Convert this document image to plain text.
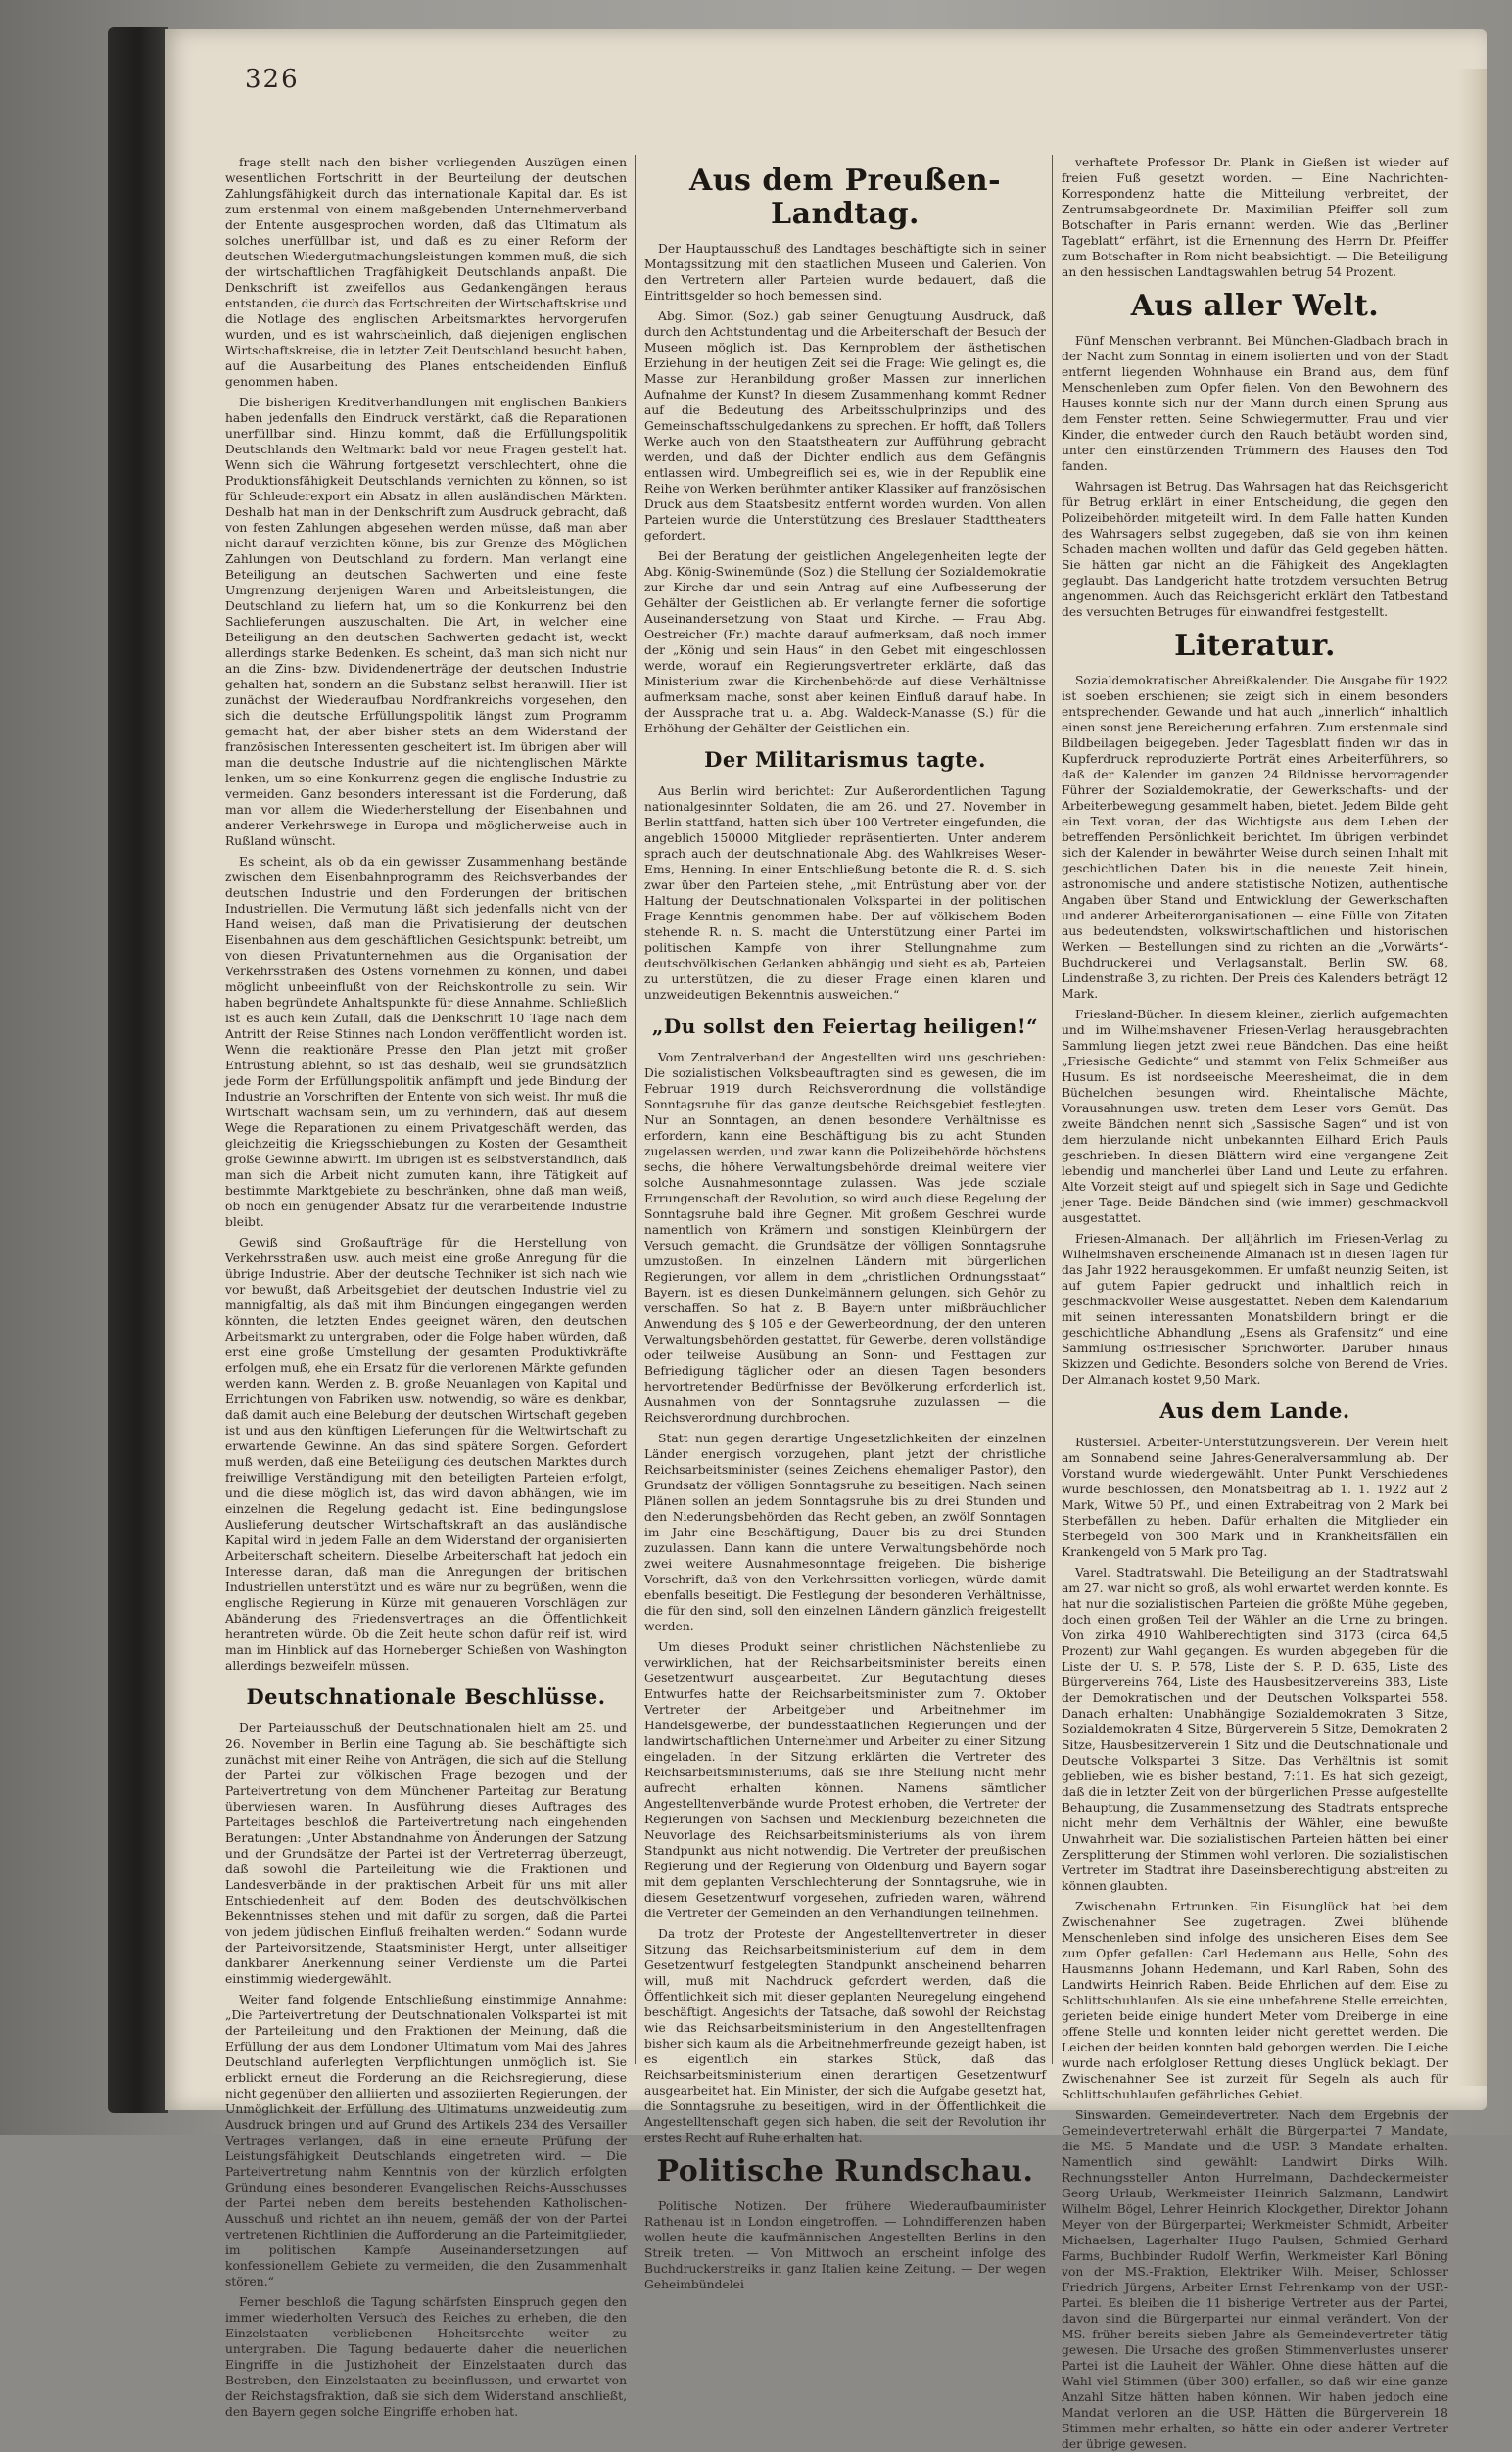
326

frage stellt nach den bisher vorliegenden Auszügen einen wesentlichen Fortschritt in der Beurteilung der deutschen Zahlungsfähigkeit durch das internationale Kapital dar. Es ist zum erstenmal von einem maßgebenden Unternehmerverband der Entente ausgesprochen worden, daß das Ultimatum als solches unerfüllbar ist, und daß es zu einer Reform der deutschen Wiedergutmachungsleistungen kommen muß, die sich der wirtschaftlichen Tragfähigkeit Deutschlands anpaßt. Die Denkschrift ist zweifellos aus Gedankengängen heraus entstanden, die durch das Fortschreiten der Wirtschaftskrise und die Notlage des englischen Arbeitsmarktes hervorgerufen wurden, und es ist wahrscheinlich, daß diejenigen englischen Wirtschaftskreise, die in letzter Zeit Deutschland besucht haben, auf die Ausarbeitung des Planes entscheidenden Einfluß genommen haben.

Die bisherigen Kreditverhandlungen mit englischen Bankiers haben jedenfalls den Eindruck verstärkt, daß die Reparationen unerfüllbar sind. Hinzu kommt, daß die Erfüllungspolitik Deutschlands den Weltmarkt bald vor neue Fragen gestellt hat. Wenn sich die Währung fortgesetzt verschlechtert, ohne die Produktionsfähigkeit Deutschlands vernichten zu können, so ist für Schleuderexport ein Absatz in allen ausländischen Märkten. Deshalb hat man in der Denkschrift zum Ausdruck gebracht, daß von festen Zahlungen abgesehen werden müsse, daß man aber nicht darauf verzichten könne, bis zur Grenze des Möglichen Zahlungen von Deutschland zu fordern. Man verlangt eine Beteiligung an deutschen Sachwerten und eine feste Umgrenzung derjenigen Waren und Arbeitsleistungen, die Deutschland zu liefern hat, um so die Konkurrenz bei den Sachlieferungen auszuschalten. Die Art, in welcher eine Beteiligung an den deutschen Sachwerten gedacht ist, weckt allerdings starke Bedenken. Es scheint, daß man sich nicht nur an die Zins- bzw. Dividendenerträge der deutschen Industrie gehalten hat, sondern an die Substanz selbst heranwill. Hier ist zunächst der Wiederaufbau Nordfrankreichs vorgesehen, den sich die deutsche Erfüllungspolitik längst zum Programm gemacht hat, der aber bisher stets an dem Widerstand der französischen Interessenten gescheitert ist. Im übrigen aber will man die deutsche Industrie auf die nichtenglischen Märkte lenken, um so eine Konkurrenz gegen die englische Industrie zu vermeiden. Ganz besonders interessant ist die Forderung, daß man vor allem die Wiederherstellung der Eisenbahnen und anderer Verkehrswege in Europa und möglicherweise auch in Rußland wünscht.

Es scheint, als ob da ein gewisser Zusammenhang bestände zwischen dem Eisenbahnprogramm des Reichsverbandes der deutschen Industrie und den Forderungen der britischen Industriellen. Die Vermutung läßt sich jedenfalls nicht von der Hand weisen, daß man die Privatisierung der deutschen Eisenbahnen aus dem geschäftlichen Gesichtspunkt betreibt, um von diesen Privatunternehmen aus die Organisation der Verkehrsstraßen des Ostens vornehmen zu können, und dabei möglicht unbeeinflußt von der Reichskontrolle zu sein. Wir haben begründete Anhaltspunkte für diese Annahme. Schließlich ist es auch kein Zufall, daß die Denkschrift 10 Tage nach dem Antritt der Reise Stinnes nach London veröffentlicht worden ist. Wenn die reaktionäre Presse den Plan jetzt mit großer Entrüstung ablehnt, so ist das deshalb, weil sie grundsätzlich jede Form der Erfüllungspolitik anfämpft und jede Bindung der Industrie an Vorschriften der Entente von sich weist. Ihr muß die Wirtschaft wachsam sein, um zu verhindern, daß auf diesem Wege die Reparationen zu einem Privatgeschäft werden, das gleichzeitig die Kriegsschiebungen zu Kosten der Gesamtheit große Gewinne abwirft. Im übrigen ist es selbstverständlich, daß man sich die Arbeit nicht zumuten kann, ihre Tätigkeit auf bestimmte Marktgebiete zu beschränken, ohne daß man weiß, ob noch ein genügender Absatz für die verarbeitende Industrie bleibt.

Gewiß sind Großaufträge für die Herstellung von Verkehrsstraßen usw. auch meist eine große Anregung für die übrige Industrie. Aber der deutsche Techniker ist sich nach wie vor bewußt, daß Arbeitsgebiet der deutschen Industrie viel zu mannigfaltig, als daß mit ihm Bindungen eingegangen werden könnten, die letzten Endes geeignet wären, den deutschen Arbeitsmarkt zu untergraben, oder die Folge haben würden, daß erst eine große Umstellung der gesamten Produktivkräfte erfolgen muß, ehe ein Ersatz für die verlorenen Märkte gefunden werden kann. Werden z. B. große Neuanlagen von Kapital und Errichtungen von Fabriken usw. notwendig, so wäre es denkbar, daß damit auch eine Belebung der deutschen Wirtschaft gegeben ist und aus den künftigen Lieferungen für die Weltwirtschaft zu erwartende Gewinne. An das sind spätere Sorgen. Gefordert muß werden, daß eine Beteiligung des deutschen Marktes durch freiwillige Verständigung mit den beteiligten Parteien erfolgt, und die diese möglich ist, das wird davon abhängen, wie im einzelnen die Regelung gedacht ist. Eine bedingungslose Auslieferung deutscher Wirtschaftskraft an das ausländische Kapital wird in jedem Falle an dem Widerstand der organisierten Arbeiterschaft scheitern. Dieselbe Arbeiterschaft hat jedoch ein Interesse daran, daß man die Anregungen der britischen Industriellen unterstützt und es wäre nur zu begrüßen, wenn die englische Regierung in Kürze mit genaueren Vorschlägen zur Abänderung des Friedensvertrages an die Öffentlichkeit herantreten würde. Ob die Zeit heute schon dafür reif ist, wird man im Hinblick auf das Horneberger Schießen von Washington allerdings bezweifeln müssen.

Deutschnationale Beschlüsse.

Der Parteiausschuß der Deutschnationalen hielt am 25. und 26. November in Berlin eine Tagung ab. Sie beschäftigte sich zunächst mit einer Reihe von Anträgen, die sich auf die Stellung der Partei zur völkischen Frage bezogen und der Parteivertretung von dem Münchener Parteitag zur Beratung überwiesen waren. In Ausführung dieses Auftrages des Parteitages beschloß die Parteivertretung nach eingehenden Beratungen: „Unter Abstandnahme von Änderungen der Satzung und der Grundsätze der Partei ist der Vertreterrag überzeugt, daß sowohl die Parteileitung wie die Fraktionen und Landesverbände in der praktischen Arbeit für uns mit aller Entschiedenheit auf dem Boden des deutschvölkischen Bekenntnisses stehen und mit dafür zu sorgen, daß die Partei von jedem jüdischen Einfluß freihalten werden.“ Sodann wurde der Parteivorsitzende, Staatsminister Hergt, unter allseitiger dankbarer Anerkennung seiner Verdienste um die Partei einstimmig wiedergewählt.

Weiter fand folgende Entschließung einstimmige Annahme: „Die Parteivertretung der Deutschnationalen Volkspartei ist mit der Parteileitung und den Fraktionen der Meinung, daß die Erfüllung der aus dem Londoner Ultimatum vom Mai des Jahres Deutschland auferlegten Verpflichtungen unmöglich ist. Sie erblickt erneut die Forderung an die Reichsregierung, diese nicht gegenüber den alliierten und assoziierten Regierungen, der Unmöglichkeit der Erfüllung des Ultimatums unzweideutig zum Ausdruck bringen und auf Grund des Artikels 234 des Versailler Vertrages verlangen, daß in eine erneute Prüfung der Leistungsfähigkeit Deutschlands eingetreten wird. — Die Parteivertretung nahm Kenntnis von der kürzlich erfolgten Gründung eines besonderen Evangelischen Reichs-Ausschusses der Partei neben dem bereits bestehenden Katholischen-Ausschuß und richtet an ihn neuem, gemäß der von der Partei vertretenen Richtlinien die Aufforderung an die Parteimitglieder, im politischen Kampfe Auseinandersetzungen auf konfessionellem Gebiete zu vermeiden, die den Zusammenhalt stören.“

Ferner beschloß die Tagung schärfsten Einspruch gegen den immer wiederholten Versuch des Reiches zu erheben, die den Einzelstaaten verbliebenen Hoheitsrechte weiter zu untergraben. Die Tagung bedauerte daher die neuerlichen Eingriffe in die Justizhoheit der Einzelstaaten durch das Bestreben, den Einzelstaaten zu beeinflussen, und erwartet von der Reichstagsfraktion, daß sie sich dem Widerstand anschließt, den Bayern gegen solche Eingriffe erhoben hat.

Aus dem Preußen-Landtag.

Der Hauptausschuß des Landtages beschäftigte sich in seiner Montagssitzung mit den staatlichen Museen und Galerien. Von den Vertretern aller Parteien wurde bedauert, daß die Eintrittsgelder so hoch bemessen sind.

Abg. Simon (Soz.) gab seiner Genugtuung Ausdruck, daß durch den Achtstundentag und die Arbeiterschaft der Besuch der Museen möglich ist. Das Kernproblem der ästhetischen Erziehung in der heutigen Zeit sei die Frage: Wie gelingt es, die Masse zur Heranbildung großer Massen zur innerlichen Aufnahme der Kunst? In diesem Zusammenhang kommt Redner auf die Bedeutung des Arbeitsschulprinzips und des Gemeinschaftsschulgedankens zu sprechen. Er hofft, daß Tollers Werke auch von den Staatstheatern zur Aufführung gebracht werden, und daß der Dichter endlich aus dem Gefängnis entlassen wird. Umbegreiflich sei es, wie in der Republik eine Reihe von Werken berühmter antiker Klassiker auf französischen Druck aus dem Staatsbesitz entfernt worden wurden. Von allen Parteien wurde die Unterstützung des Breslauer Stadttheaters gefordert.

Bei der Beratung der geistlichen Angelegenheiten legte der Abg. König-Swinemünde (Soz.) die Stellung der Sozialdemokratie zur Kirche dar und sein Antrag auf eine Aufbesserung der Gehälter der Geistlichen ab. Er verlangte ferner die sofortige Auseinandersetzung von Staat und Kirche. — Frau Abg. Oestreicher (Fr.) machte darauf aufmerksam, daß noch immer der „König und sein Haus“ in den Gebet mit eingeschlossen werde, worauf ein Regierungsvertreter erklärte, daß das Ministerium zwar die Kirchenbehörde auf diese Verhältnisse aufmerksam mache, sonst aber keinen Einfluß darauf habe. In der Aussprache trat u. a. Abg. Waldeck-Manasse (S.) für die Erhöhung der Gehälter der Geistlichen ein.

Der Militarismus tagte.

Aus Berlin wird berichtet: Zur Außerordentlichen Tagung nationalgesinnter Soldaten, die am 26. und 27. November in Berlin stattfand, hatten sich über 100 Vertreter eingefunden, die angeblich 150000 Mitglieder repräsentierten. Unter anderem sprach auch der deutschnationale Abg. des Wahlkreises Weser-Ems, Henning. In einer Entschließung betonte die R. d. S. sich zwar über den Parteien stehe, „mit Entrüstung aber von der Haltung der Deutschnationalen Volkspartei in der politischen Frage Kenntnis genommen habe. Der auf völkischem Boden stehende R. n. S. macht die Unterstützung einer Partei im politischen Kampfe von ihrer Stellungnahme zum deutschvölkischen Gedanken abhängig und sieht es ab, Parteien zu unterstützen, die zu dieser Frage einen klaren und unzweideutigen Bekenntnis ausweichen.“

„Du sollst den Feiertag heiligen!“

Vom Zentralverband der Angestellten wird uns geschrieben: Die sozialistischen Volksbeauftragten sind es gewesen, die im Februar 1919 durch Reichsverordnung die vollständige Sonntagsruhe für das ganze deutsche Reichsgebiet festlegten. Nur an Sonntagen, an denen besondere Verhältnisse es erfordern, kann eine Beschäftigung bis zu acht Stunden zugelassen werden, und zwar kann die Polizeibehörde höchstens sechs, die höhere Verwaltungsbehörde dreimal weitere vier solche Ausnahmesonntage zulassen. Was jede soziale Errungenschaft der Revolution, so wird auch diese Regelung der Sonntagsruhe bald ihre Gegner. Mit großem Geschrei wurde namentlich von Krämern und sonstigen Kleinbürgern der Versuch gemacht, die Grundsätze der völligen Sonntagsruhe umzustoßen. In einzelnen Ländern mit bürgerlichen Regierungen, vor allem in dem „christlichen Ordnungsstaat“ Bayern, ist es diesen Dunkelmännern gelungen, sich Gehör zu verschaffen. So hat z. B. Bayern unter mißbräuchlicher Anwendung des § 105 e der Gewerbeordnung, der den unteren Verwaltungsbehörden gestattet, für Gewerbe, deren vollständige oder teilweise Ausübung an Sonn- und Festtagen zur Befriedigung täglicher oder an diesen Tagen besonders hervortretender Bedürfnisse der Bevölkerung erforderlich ist, Ausnahmen von der Sonntagsruhe zuzulassen — die Reichsverordnung durchbrochen.

Statt nun gegen derartige Ungesetzlichkeiten der einzelnen Länder energisch vorzugehen, plant jetzt der christliche Reichsarbeitsminister (seines Zeichens ehemaliger Pastor), den Grundsatz der völligen Sonntagsruhe zu beseitigen. Nach seinen Plänen sollen an jedem Sonntagsruhe bis zu drei Stunden und den Niederungsbehörden das Recht geben, an zwölf Sonntagen im Jahr eine Beschäftigung, Dauer bis zu drei Stunden zuzulassen. Dann kann die untere Verwaltungsbehörde noch zwei weitere Ausnahmesonntage freigeben. Die bisherige Vorschrift, daß von den Verkehrssitten vorliegen, würde damit ebenfalls beseitigt. Die Festlegung der besonderen Verhältnisse, die für den sind, soll den einzelnen Ländern gänzlich freigestellt werden.

Um dieses Produkt seiner christlichen Nächstenliebe zu verwirklichen, hat der Reichsarbeitsminister bereits einen Gesetzentwurf ausgearbeitet. Zur Begutachtung dieses Entwurfes hatte der Reichsarbeitsminister zum 7. Oktober Vertreter der Arbeitgeber und Arbeitnehmer im Handelsgewerbe, der bundesstaatlichen Regierungen und der landwirtschaftlichen Unternehmer und Arbeiter zu einer Sitzung eingeladen. In der Sitzung erklärten die Vertreter des Reichsarbeitsministeriums, daß sie ihre Stellung nicht mehr aufrecht erhalten können. Namens sämtlicher Angestelltenverbände wurde Protest erhoben, die Vertreter der Regierungen von Sachsen und Mecklenburg bezeichneten die Neuvorlage des Reichsarbeitsministeriums als von ihrem Standpunkt aus nicht notwendig. Die Vertreter der preußischen Regierung und der Regierung von Oldenburg und Bayern sogar mit dem geplanten Verschlechterung der Sonntagsruhe, wie in diesem Gesetzentwurf vorgesehen, zufrieden waren, während die Vertreter der Gemeinden an den Verhandlungen teilnehmen.

Da trotz der Proteste der Angestelltenvertreter in dieser Sitzung das Reichsarbeitsministerium auf dem in dem Gesetzentwurf festgelegten Standpunkt anscheinend beharren will, muß mit Nachdruck gefordert werden, daß die Öffentlichkeit sich mit dieser geplanten Neuregelung eingehend beschäftigt. Angesichts der Tatsache, daß sowohl der Reichstag wie das Reichsarbeitsministerium in den Angestelltenfragen bisher sich kaum als die Arbeitnehmerfreunde gezeigt haben, ist es eigentlich ein starkes Stück, daß das Reichsarbeitsministerium einen derartigen Gesetzentwurf ausgearbeitet hat. Ein Minister, der sich die Aufgabe gesetzt hat, die Sonntagsruhe zu beseitigen, wird in der Öffentlichkeit die Angestelltenschaft gegen sich haben, die seit der Revolution ihr erstes Recht auf Ruhe erhalten hat.

Politische Rundschau.

Politische Notizen. Der frühere Wiederaufbauminister Rathenau ist in London eingetroffen. — Lohndifferenzen haben wollen heute die kaufmännischen Angestellten Berlins in den Streik treten. — Von Mittwoch an erscheint infolge des Buchdruckerstreiks in ganz Italien keine Zeitung. — Der wegen Geheimbündelei

verhaftete Professor Dr. Plank in Gießen ist wieder auf freien Fuß gesetzt worden. — Eine Nachrichten-Korrespondenz hatte die Mitteilung verbreitet, der Zentrumsabgeordnete Dr. Maximilian Pfeiffer soll zum Botschafter in Paris ernannt werden. Wie das „Berliner Tageblatt“ erfährt, ist die Ernennung des Herrn Dr. Pfeiffer zum Botschafter in Rom nicht beabsichtigt. — Die Beteiligung an den hessischen Landtagswahlen betrug 54 Prozent.

Aus aller Welt.

Fünf Menschen verbrannt. Bei München-Gladbach brach in der Nacht zum Sonntag in einem isolierten und von der Stadt entfernt liegenden Wohnhause ein Brand aus, dem fünf Menschenleben zum Opfer fielen. Von den Bewohnern des Hauses konnte sich nur der Mann durch einen Sprung aus dem Fenster retten. Seine Schwiegermutter, Frau und vier Kinder, die entweder durch den Rauch betäubt worden sind, unter den einstürzenden Trümmern des Hauses den Tod fanden.

Wahrsagen ist Betrug. Das Wahrsagen hat das Reichsgericht für Betrug erklärt in einer Entscheidung, die gegen den Polizeibehörden mitgeteilt wird. In dem Falle hatten Kunden des Wahrsagers selbst zugegeben, daß sie von ihm keinen Schaden machen wollten und dafür das Geld gegeben hätten. Sie hätten gar nicht an die Fähigkeit des Angeklagten geglaubt. Das Landgericht hatte trotzdem versuchten Betrug angenommen. Auch das Reichsgericht erklärt den Tatbestand des versuchten Betruges für einwandfrei festgestellt.

Literatur.

Sozialdemokratischer Abreißkalender. Die Ausgabe für 1922 ist soeben erschienen; sie zeigt sich in einem besonders entsprechenden Gewande und hat auch „innerlich“ inhaltlich einen sonst jene Bereicherung erfahren. Zum erstenmale sind Bildbeilagen beigegeben. Jeder Tagesblatt finden wir das in Kupferdruck reproduzierte Porträt eines Arbeiterführers, so daß der Kalender im ganzen 24 Bildnisse hervorragender Führer der Sozialdemokratie, der Gewerkschafts- und der Arbeiterbewegung gesammelt haben, bietet. Jedem Bilde geht ein Text voran, der das Wichtigste aus dem Leben der betreffenden Persönlichkeit berichtet. Im übrigen verbindet sich der Kalender in bewährter Weise durch seinen Inhalt mit geschichtlichen Daten bis in die neueste Zeit hinein, astronomische und andere statistische Notizen, authentische Angaben über Stand und Entwicklung der Gewerkschaften und anderer Arbeiterorganisationen — eine Fülle von Zitaten aus bedeutendsten, volkswirtschaftlichen und historischen Werken. — Bestellungen sind zu richten an die „Vorwärts“-Buchdruckerei und Verlagsanstalt, Berlin SW. 68, Lindenstraße 3, zu richten. Der Preis des Kalenders beträgt 12 Mark.

Friesland-Bücher. In diesem kleinen, zierlich aufgemachten und im Wilhelmshavener Friesen-Verlag herausgebrachten Sammlung liegen jetzt zwei neue Bändchen. Das eine heißt „Friesische Gedichte“ und stammt von Felix Schmeißer aus Husum. Es ist nordseeische Meeresheimat, die in dem Büchelchen besungen wird. Rheintalische Mächte, Vorausahnungen usw. treten dem Leser vors Gemüt. Das zweite Bändchen nennt sich „Sassische Sagen“ und ist von dem hierzulande nicht unbekannten Eilhard Erich Pauls geschrieben. In diesen Blättern wird eine vergangene Zeit lebendig und mancherlei über Land und Leute zu erfahren. Alte Vorzeit steigt auf und spiegelt sich in Sage und Gedichte jener Tage. Beide Bändchen sind (wie immer) geschmackvoll ausgestattet.

Friesen-Almanach. Der alljährlich im Friesen-Verlag zu Wilhelmshaven erscheinende Almanach ist in diesen Tagen für das Jahr 1922 herausgekommen. Er umfaßt neunzig Seiten, ist auf gutem Papier gedruckt und inhaltlich reich in geschmackvoller Weise ausgestattet. Neben dem Kalendarium mit seinen interessanten Monatsbildern bringt er die geschichtliche Abhandlung „Esens als Grafensitz“ und eine Sammlung ostfriesischer Sprichwörter. Darüber hinaus Skizzen und Gedichte. Besonders solche von Berend de Vries. Der Almanach kostet 9,50 Mark.

Aus dem Lande.

Rüstersiel. Arbeiter-Unterstützungsverein. Der Verein hielt am Sonnabend seine Jahres-Generalversammlung ab. Der Vorstand wurde wiedergewählt. Unter Punkt Verschiedenes wurde beschlossen, den Monatsbeitrag ab 1. 1. 1922 auf 2 Mark, Witwe 50 Pf., und einen Extrabeitrag von 2 Mark bei Sterbefällen zu heben. Dafür erhalten die Mitglieder ein Sterbegeld von 300 Mark und in Krankheitsfällen ein Krankengeld von 5 Mark pro Tag.

Varel. Stadtratswahl. Die Beteiligung an der Stadtratswahl am 27. war nicht so groß, als wohl erwartet werden konnte. Es hat nur die sozialistischen Parteien die größte Mühe gegeben, doch einen großen Teil der Wähler an die Urne zu bringen. Von zirka 4910 Wahlberechtigten sind 3173 (circa 64,5 Prozent) zur Wahl gegangen. Es wurden abgegeben für die Liste der U. S. P. 578, Liste der S. P. D. 635, Liste des Bürgervereins 764, Liste des Hausbesitzervereins 383, Liste der Demokratischen und der Deutschen Volkspartei 558. Danach erhalten: Unabhängige Sozialdemokraten 3 Sitze, Sozialdemokraten 4 Sitze, Bürgerverein 5 Sitze, Demokraten 2 Sitze, Hausbesitzerverein 1 Sitz und die Deutschnationale und Deutsche Volkspartei 3 Sitze. Das Verhältnis ist somit geblieben, wie es bisher bestand, 7:11. Es hat sich gezeigt, daß die in letzter Zeit von der bürgerlichen Presse aufgestellte Behauptung, die Zusammensetzung des Stadtrats entspreche nicht mehr dem Verhältnis der Wähler, eine bewußte Unwahrheit war. Die sozialistischen Parteien hätten bei einer Zersplitterung der Stimmen wohl verloren. Die sozialistischen Vertreter im Stadtrat ihre Daseinsberechtigung abstreiten zu können glaubten.

Zwischenahn. Ertrunken. Ein Eisunglück hat bei dem Zwischenahner See zugetragen. Zwei blühende Menschenleben sind infolge des unsicheren Eises dem See zum Opfer gefallen: Carl Hedemann aus Helle, Sohn des Hausmanns Johann Hedemann, und Karl Raben, Sohn des Landwirts Heinrich Raben. Beide Ehrlichen auf dem Eise zu Schlittschuhlaufen. Als sie eine unbefahrene Stelle erreichten, gerieten beide einige hundert Meter vom Dreiberge in eine offene Stelle und konnten leider nicht gerettet werden. Die Leichen der beiden konnten bald geborgen werden. Die Leiche wurde nach erfolgloser Rettung dieses Unglück beklagt. Der Zwischenahner See ist zurzeit für Segeln als auch für Schlittschuhlaufen gefährliches Gebiet.

Sinswarden. Gemeindevertreter. Nach dem Ergebnis der Gemeindevertreterwahl erhält die Bürgerpartei 7 Mandate, die MS. 5 Mandate und die USP. 3 Mandate erhalten. Namentlich sind gewählt: Landwirt Dirks Wilh. Rechnungssteller Anton Hurrelmann, Dachdeckermeister Georg Urlaub, Werkmeister Heinrich Salzmann, Landwirt Wilhelm Bögel, Lehrer Heinrich Klockgether, Direktor Johann Meyer von der Bürgerpartei; Werkmeister Schmidt, Arbeiter Michaelsen, Lagerhalter Hugo Paulsen, Schmied Gerhard Farms, Buchbinder Rudolf Werfin, Werkmeister Karl Böning von der MS.-Fraktion, Elektriker Wilh. Meiser, Schlosser Friedrich Jürgens, Arbeiter Ernst Fehrenkamp von der USP.-Partei. Es bleiben die 11 bisherige Vertreter aus der Partei, davon sind die Bürgerpartei nur einmal verändert. Von der MS. früher bereits sieben Jahre als Gemeindevertreter tätig gewesen. Die Ursache des großen Stimmenverlustes unserer Partei ist die Lauheit der Wähler. Ohne diese hätten auf die Wahl viel Stimmen (über 300) erfallen, so daß wir eine ganze Anzahl Sitze hätten haben können. Wir haben jedoch eine Mandat verloren an die USP. Hätten die Bürgerverein 18 Stimmen mehr erhalten, so hätte ein oder anderer Vertreter der übrige gewesen.
